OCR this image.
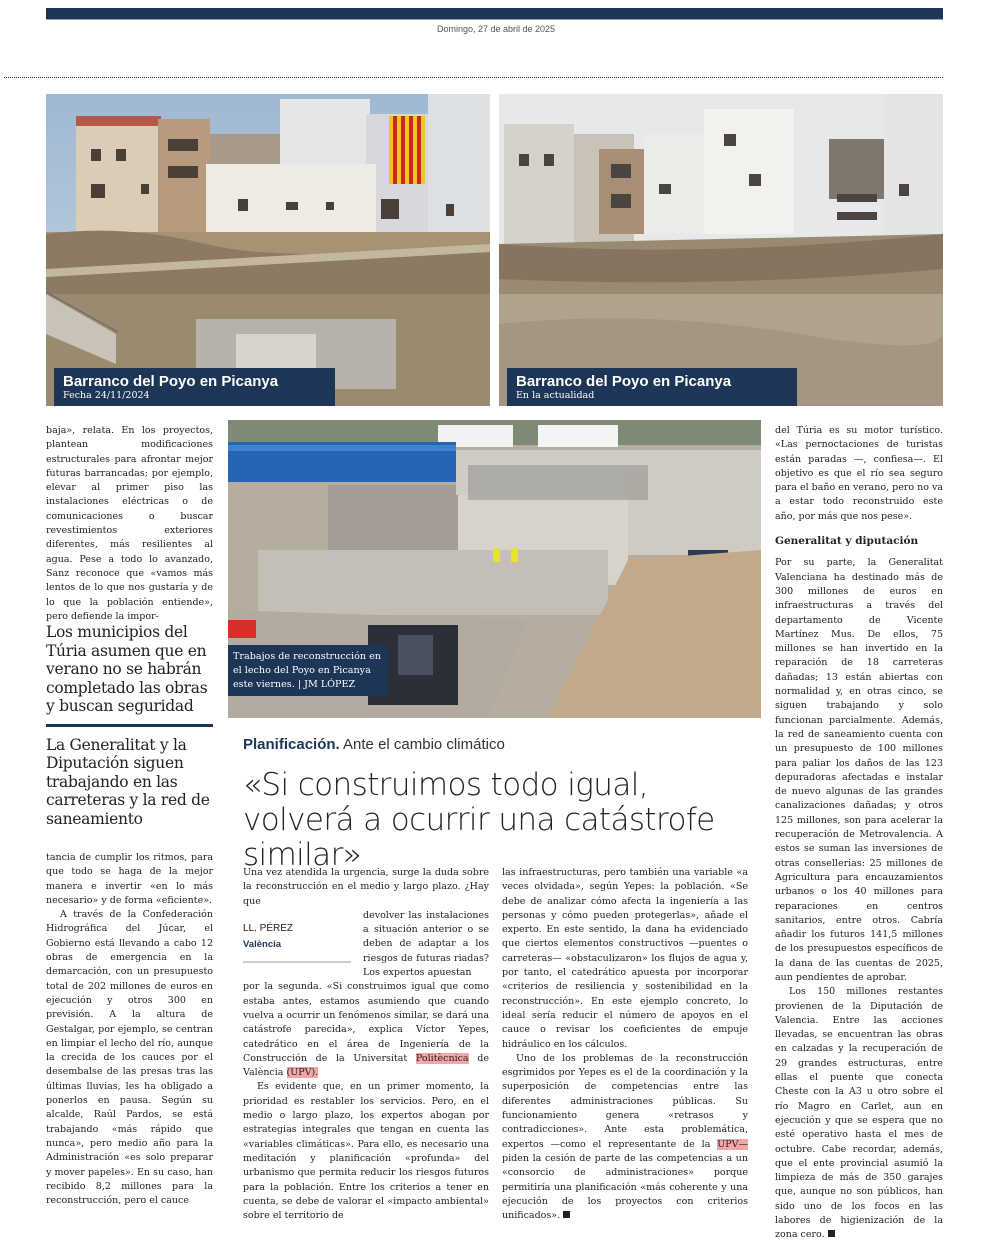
Domingo, 27 de abril de 2025
Barranco del Poyo en Picanya
Fecha 24/11/2024
Barranco del Poyo en Picanya
En la actualidad
Trabajos de reconstrucción en el lecho del Poyo en Picanya este viernes. | JM LÓPEZ

baja», relata. En los proyectos, plantean modificaciones estructurales para afrontar mejor futuras barrancadas; por ejemplo, elevar al primer piso las instalaciones eléctricas o de comunicaciones o buscar revestimientos exteriores diferentes, más resilientes al agua. Pese a todo lo avanzado, Sanz reconoce que «vamos más lentos de lo que nos gustaría y de lo que la población entiende», pero defiende la impor-

Los municipios del Túria asumen que en verano no se habrán completado las obras y buscan seguridad
La Generalitat y la Diputación siguen trabajando en las carreteras y la red de saneamiento

tancia de cumplir los ritmos, para que todo se haga de la mejor manera e invertir «en lo más necesario» y de forma «eficiente».

A través de la Confederación Hidrográfica del Júcar, el Gobierno está llevando a cabo 12 obras de emergencia en la demarcación, con un presupuesto total de 202 millones de euros en ejecución y otros 300 en previsión. A la altura de Gestalgar, por ejemplo, se centran en limpiar el lecho del río, aunque la crecida de los cauces por el desembalse de las presas tras las últimas lluvias, les ha obligado a ponerlos en pausa. Según su alcalde, Raúl Pardos, se está trabajando «más rápido que nunca», pero medio año para la Administración «es solo preparar y mover papeles». En su caso, han recibido 8,2 millones para la reconstrucción, pero el cauce

Planificación. Ante el cambio climático
«Si construimos todo igual, volverá a ocurrir una catástrofe similar»

Una vez atendida la urgencia, surge la duda sobre la reconstrucción en el medio y largo plazo. ¿Hay que

LL. PÉREZ
València

devolver las instalaciones a situación anterior o se deben de adaptar a los riesgos de futuras riadas? Los expertos apuestan

por la segunda. «Si construimos igual que como estaba antes, estamos asumiendo que cuando vuelva a ocurrir un fenómenos similar, se dará una catástrofe parecida», explica Víctor Yepes, catedrático en el área de Ingeniería de la Construcción de la Universitat Politècnica de València (UPV).

Es evidente que, en un primer momento, la prioridad es restabler los servicios. Pero, en el medio o largo plazo, los expertos abogan por estrategias integrales que tengan en cuenta las «variables climáticas». Para ello, es necesario una meditación y planificación «profunda» del urbanismo que permita reducir los riesgos futuros para la población. Entre los criterios a tener en cuenta, se debe de valorar el «impacto ambiental» sobre el territorio de

las infraestructuras, pero también una variable «a veces olvidada», según Yepes: la población. «Se debe de analizar cómo afecta la ingeniería a las personas y cómo pueden protegerlas», añade el experto. En este sentido, la dana ha evidenciado que ciertos elementos constructivos —puentes o carreteras— «obstaculizaron» los flujos de agua y, por tanto, el catedrático apuesta por incorporar «criterios de resiliencia y sostenibilidad en la reconstrucción». En este ejemplo concreto, lo ideal sería reducir el número de apoyos en el cauce o revisar los coeficientes de empuje hidráulico en los cálculos.

Uno de los problemas de la reconstrucción esgrimidos por Yepes es el de la coordinación y la superposición de competencias entre las diferentes administraciones públicas. Su funcionamiento genera «retrasos y contradicciones». Ante esta problemática, expertos —como el representante de la UPV— piden la cesión de parte de las competencias a un «consorcio de administraciones» porque permitiría una planificación «más coherente y una ejecución de los proyectos con criterios unificados».

del Túria es su motor turístico. «Las pernoctaciones de turistas están paradas —, confiesa—. El objetivo es que el río sea seguro para el baño en verano, pero no va a estar todo reconstruido este año, por más que nos pese».

Generalitat y diputación

Por su parte, la Generalitat Valenciana ha destinado más de 300 millones de euros en infraestructuras a través del departamento de Vicente Martínez Mus. De ellos, 75 millones se han invertido en la reparación de 18 carreteras dañadas; 13 están abiertas con normalidad y, en otras cinco, se siguen trabajando y solo funcionan parcialmente. Además, la red de saneamiento cuenta con un presupuesto de 100 millones para paliar los daños de las 123 depuradoras afectadas e instalar de nuevo algunas de las grandes canalizaciones dañadas; y otros 125 millones, son para acelerar la recuperación de Metrovalencia. A estos se suman las inversiones de otras consellerias: 25 millones de Agricultura para encauzamientos urbanos o los 40 millones para reparaciones en centros sanitarios, entre otros. Cabría añadir los futuros 141,5 millones de los presupuestos específicos de la dana de las cuentas de 2025, aun pendientes de aprobar.

Los 150 millones restantes provienen de la Diputación de Valencia. Entre las acciones llevadas, se encuentran las obras en calzadas y la recuperación de 29 grandes estructuras, entre ellas el puente que conecta Cheste con la A3 u otro sobre el río Magro en Carlet, aun en ejecución y que se espera que no esté operativo hasta el mes de octubre. Cabe recordar, además, que el ente provincial asumió la limpieza de más de 350 garajes que, aunque no son públicos, han sido uno de los focos en las labores de higienización de la zona cero.
